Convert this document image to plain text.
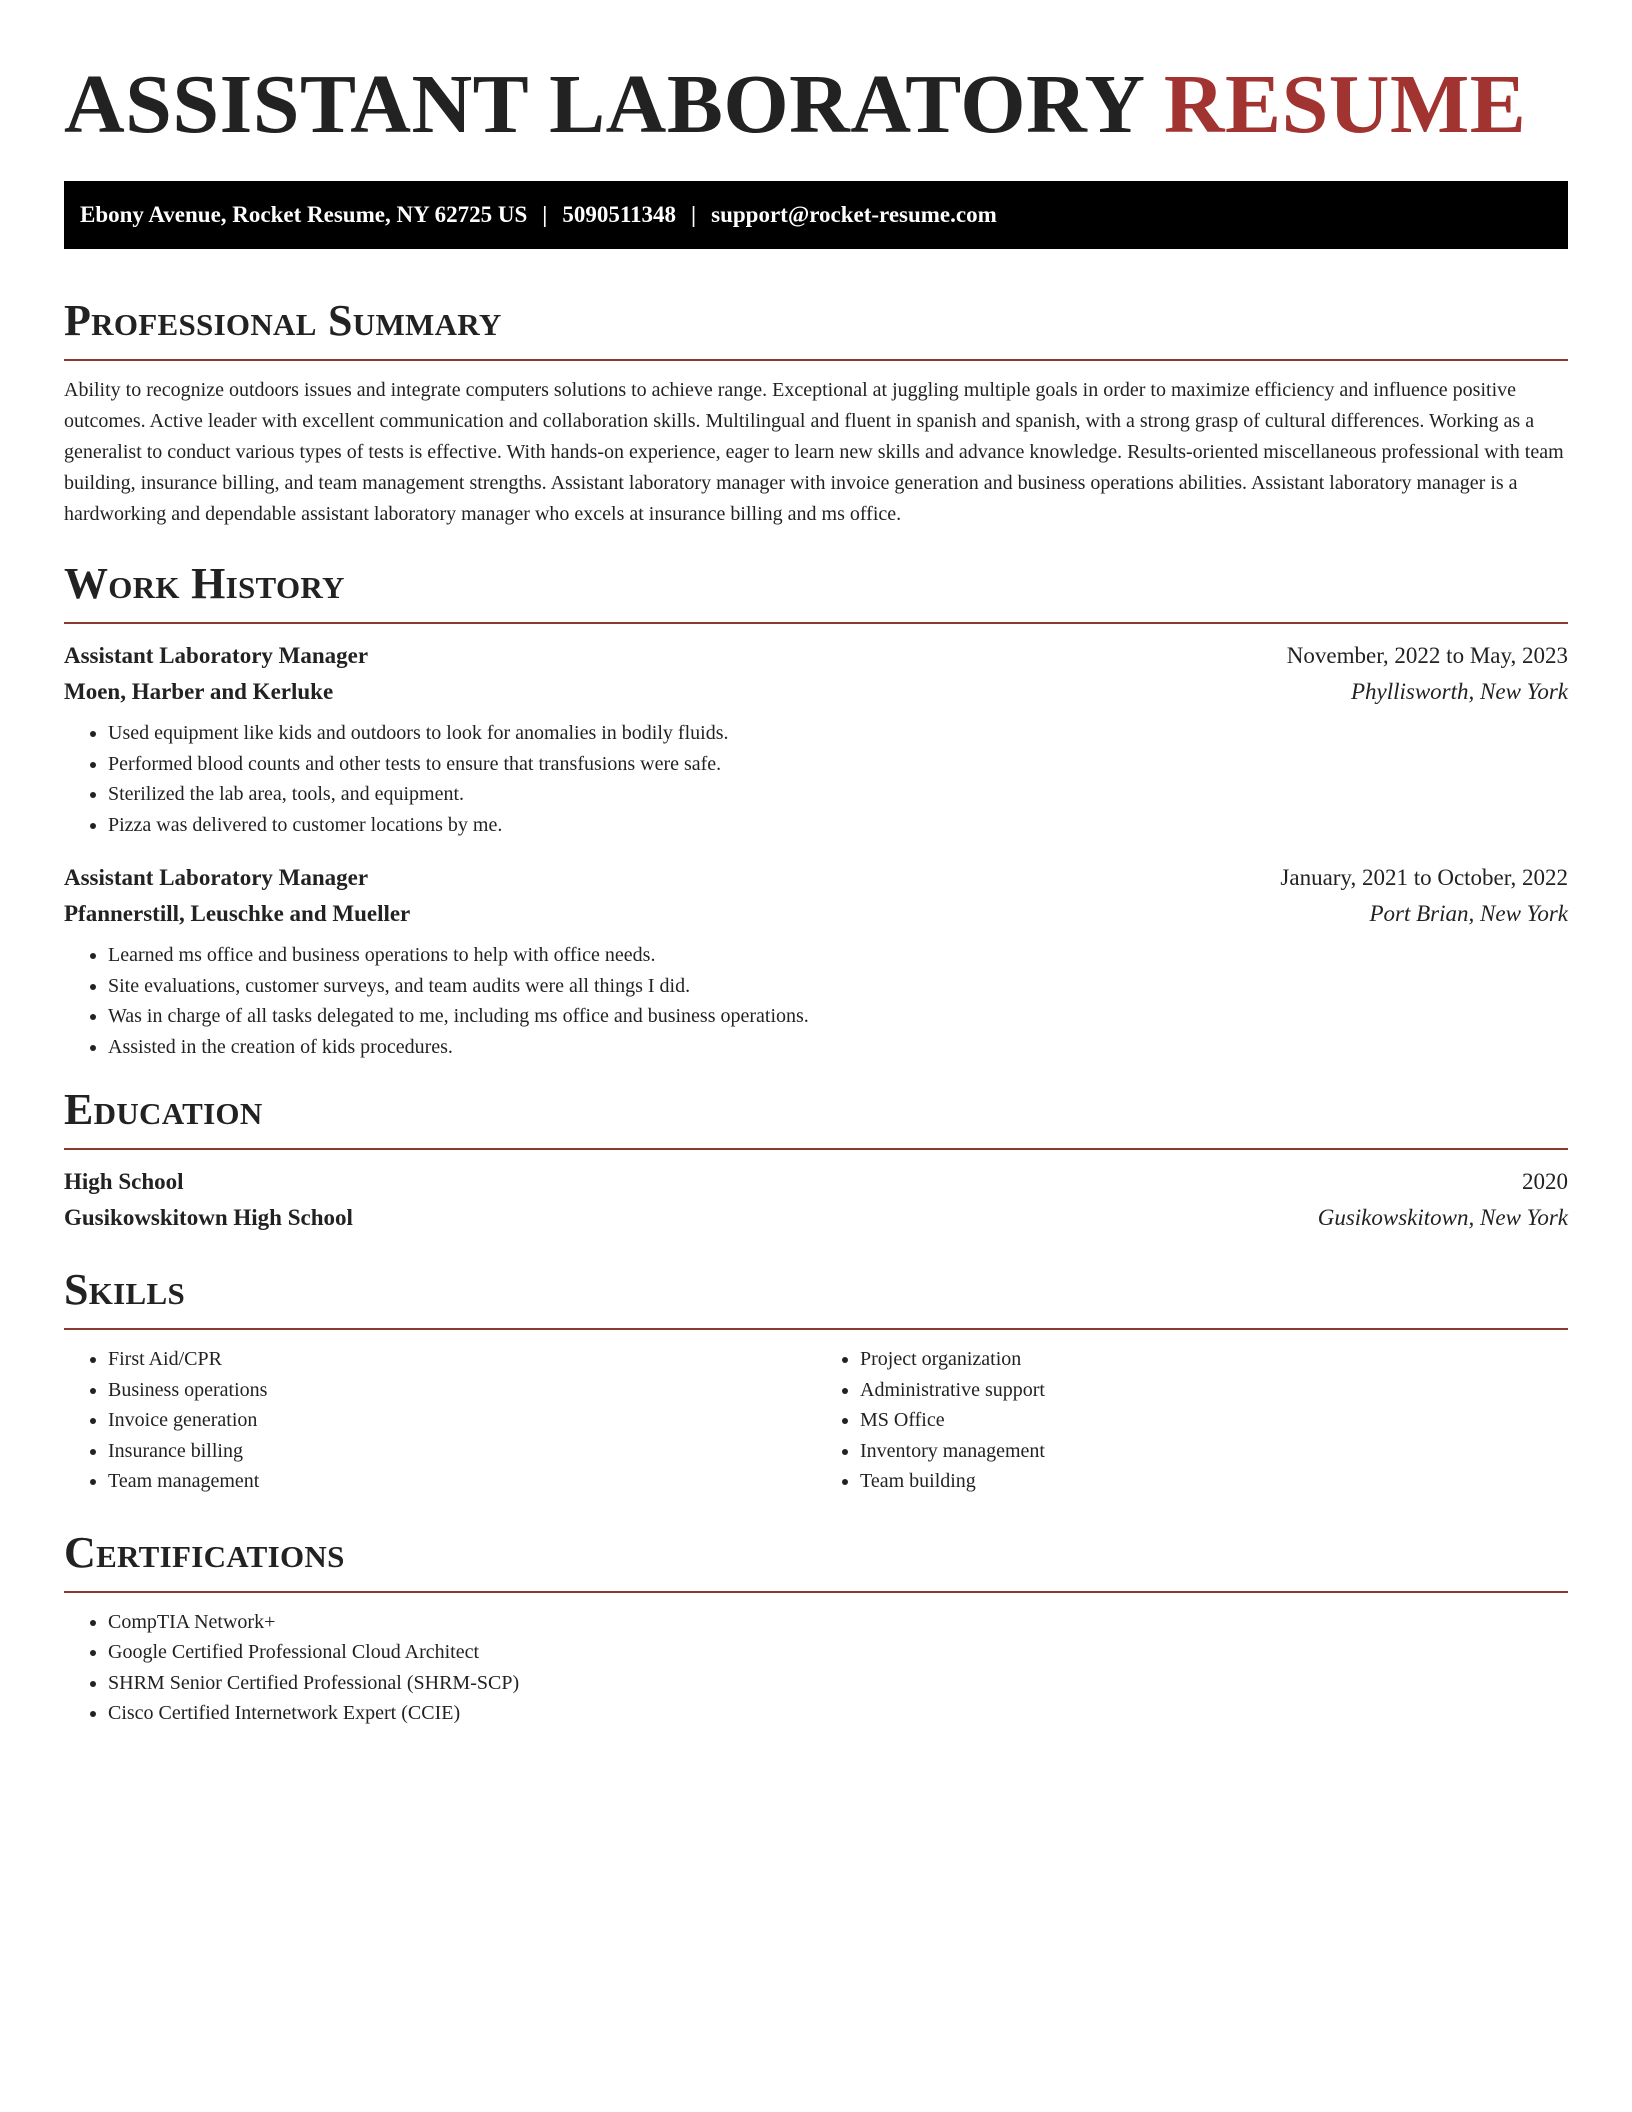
ASSISTANT LABORATORY RESUME
Ebony Avenue, Rocket Resume, NY 62725 US | 5090511348 | support@rocket-resume.com
Professional Summary

Ability to recognize outdoors issues and integrate computers solutions to achieve range. Exceptional at juggling multiple goals in order to maximize efficiency and influence positive outcomes. Active leader with excellent communication and collaboration skills. Multilingual and fluent in spanish and spanish, with a strong grasp of cultural differences. Working as a generalist to conduct various types of tests is effective. With hands-on experience, eager to learn new skills and advance knowledge. Results-oriented miscellaneous professional with team building, insurance billing, and team management strengths. Assistant laboratory manager with invoice generation and business operations abilities. Assistant laboratory manager is a hardworking and dependable assistant laboratory manager who excels at insurance billing and ms office.

Work History
Assistant Laboratory Manager	November, 2022 to May, 2023
Moen, Harber and Kerluke	Phyllisworth, New York
• Used equipment like kids and outdoors to look for anomalies in bodily fluids.
• Performed blood counts and other tests to ensure that transfusions were safe.
• Sterilized the lab area, tools, and equipment.
• Pizza was delivered to customer locations by me.
Assistant Laboratory Manager	January, 2021 to October, 2022
Pfannerstill, Leuschke and Mueller	Port Brian, New York
• Learned ms office and business operations to help with office needs.
• Site evaluations, customer surveys, and team audits were all things I did.
• Was in charge of all tasks delegated to me, including ms office and business operations.
• Assisted in the creation of kids procedures.
Education
High School	2020
Gusikowskitown High School	Gusikowskitown, New York
Skills
• First Aid/CPR
• Business operations
• Invoice generation
• Insurance billing
• Team management
• Project organization
• Administrative support
• MS Office
• Inventory management
• Team building
Certifications
• CompTIA Network+
• Google Certified Professional Cloud Architect
• SHRM Senior Certified Professional (SHRM-SCP)
• Cisco Certified Internetwork Expert (CCIE)
